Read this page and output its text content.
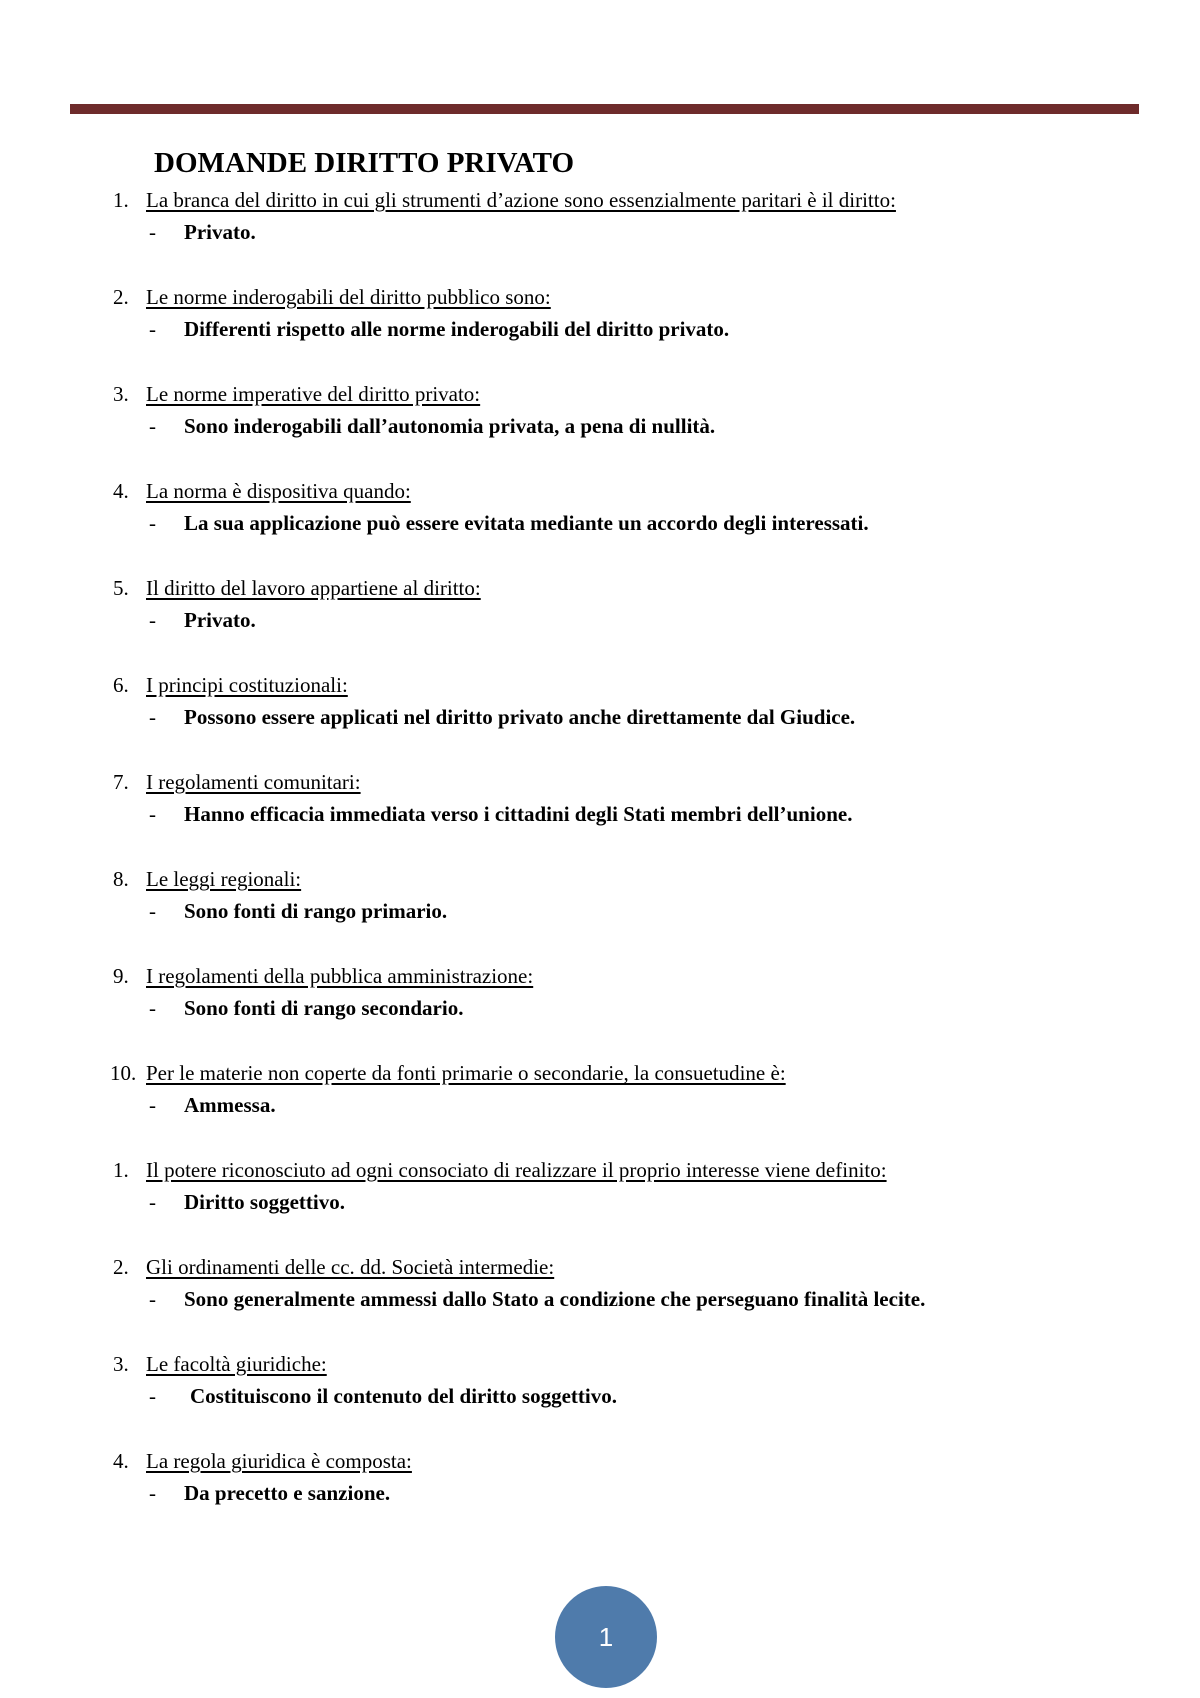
DOMANDE DIRITTO PRIVATO
1. La branca del diritto in cui gli strumenti d’azione sono essenzialmente paritari è il diritto:
- Privato.
2. Le norme inderogabili del diritto pubblico sono:
- Differenti rispetto alle norme inderogabili del diritto privato.
3. Le norme imperative del diritto privato:
- Sono inderogabili dall’autonomia privata, a pena di nullità.
4. La norma è dispositiva quando:
- La sua applicazione può essere evitata mediante un accordo degli interessati.
5. Il diritto del lavoro appartiene al diritto:
- Privato.
6. I principi costituzionali:
- Possono essere applicati nel diritto privato anche direttamente dal Giudice.
7. I regolamenti comunitari:
- Hanno efficacia immediata verso i cittadini degli Stati membri dell’unione.
8. Le leggi regionali:
- Sono fonti di rango primario.
9. I regolamenti della pubblica amministrazione:
- Sono fonti di rango secondario.
10. Per le materie non coperte da fonti primarie o secondarie, la consuetudine è:
- Ammessa.
1. Il potere riconosciuto ad ogni consociato di realizzare il proprio interesse viene definito:
- Diritto soggettivo.
2. Gli ordinamenti delle cc. dd. Società intermedie:
- Sono generalmente ammessi dallo Stato a condizione che perseguano finalità lecite.
3. Le facoltà giuridiche:
- Costituiscono il contenuto del diritto soggettivo.
4. La regola giuridica è composta:
- Da precetto e sanzione.
1
